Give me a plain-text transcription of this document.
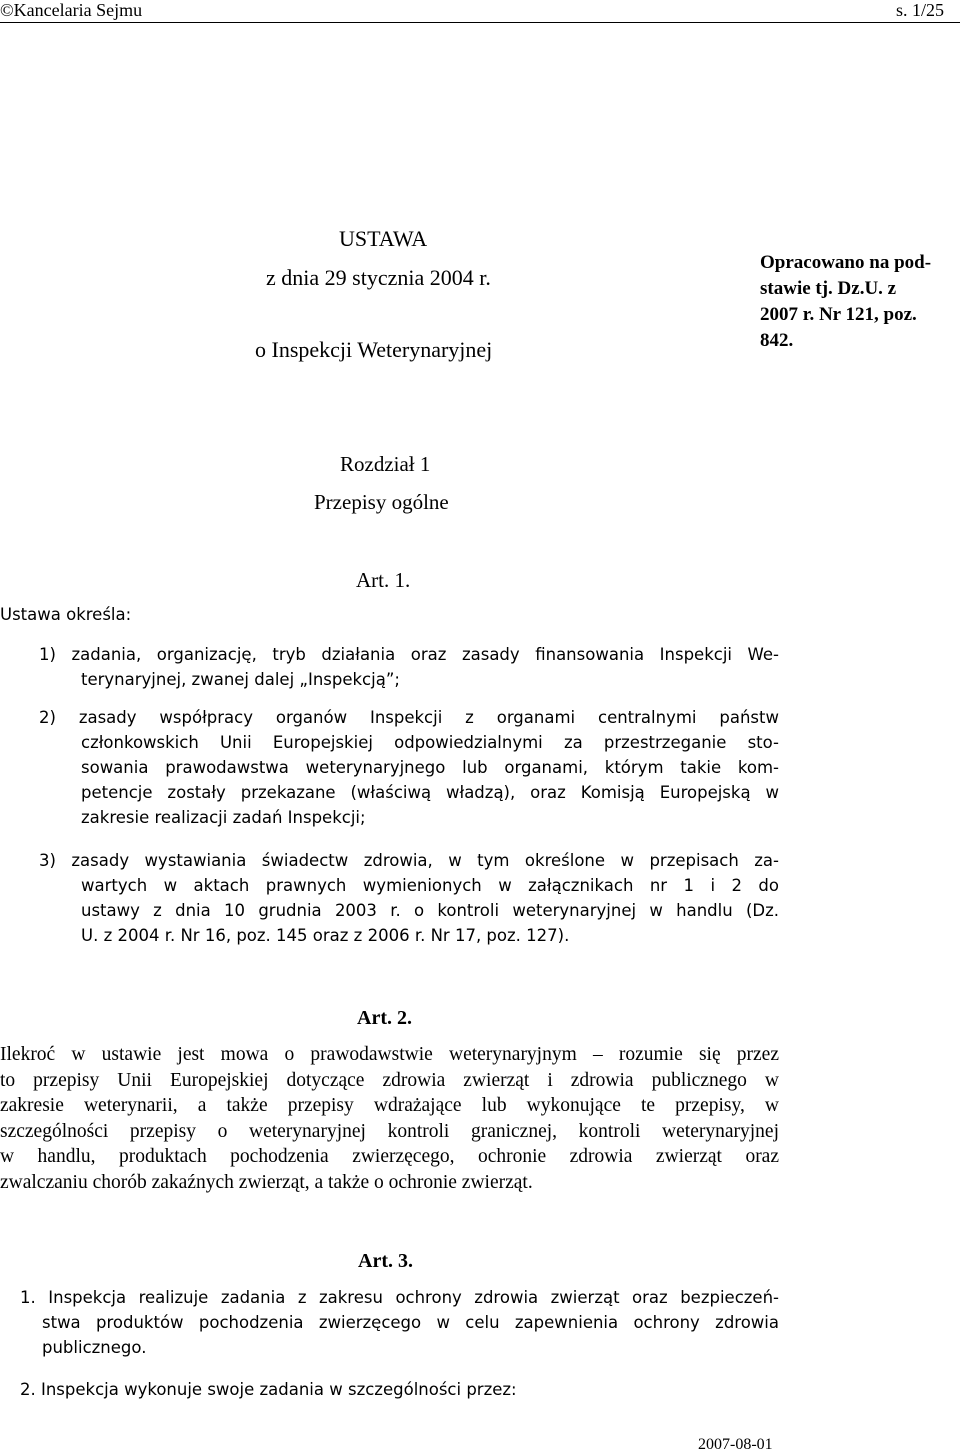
©Kancelaria Sejmu	s. 1/25
USTAWA
z dnia 29 stycznia 2004 r.
o Inspekcji Weterynaryjnej
Opracowano na pod-
stawie tj. Dz.U. z
2007 r. Nr 121, poz.
842.
Rozdział 1
Przepisy ogólne
Art. 1.
Ustawa określa:
1) zadania, organizację, tryb działania oraz zasady finansowania Inspekcji We-
terynaryjnej, zwanej dalej „Inspekcją”;
2) zasady współpracy organów Inspekcji z organami centralnymi państw
członkowskich Unii Europejskiej odpowiedzialnymi za przestrzeganie sto-
sowania prawodawstwa weterynaryjnego lub organami, którym takie kom-
petencje zostały przekazane (właściwą władzą), oraz Komisją Europejską w
zakresie realizacji zadań Inspekcji;
3) zasady wystawiania świadectw zdrowia, w tym określone w przepisach za-
wartych w aktach prawnych wymienionych w załącznikach nr 1 i 2 do
ustawy z dnia 10 grudnia 2003 r. o kontroli weterynaryjnej w handlu (Dz.
U. z 2004 r. Nr 16, poz. 145 oraz z 2006 r. Nr 17, poz. 127).
Art. 2.
Ilekroć w ustawie jest mowa o prawodawstwie weterynaryjnym – rozumie się przez
to przepisy Unii Europejskiej dotyczące zdrowia zwierząt i zdrowia publicznego w
zakresie weterynarii, a także przepisy wdrażające lub wykonujące te przepisy, w
szczególności przepisy o weterynaryjnej kontroli granicznej, kontroli weterynaryjnej
w handlu, produktach pochodzenia zwierzęcego, ochronie zdrowia zwierząt oraz
zwalczaniu chorób zakaźnych zwierząt, a także o ochronie zwierząt.
Art. 3.
1. Inspekcja realizuje zadania z zakresu ochrony zdrowia zwierząt oraz bezpieczeń-
stwa produktów pochodzenia zwierzęcego w celu zapewnienia ochrony zdrowia
publicznego.
2. Inspekcja wykonuje swoje zadania w szczególności przez:
2007-08-01
